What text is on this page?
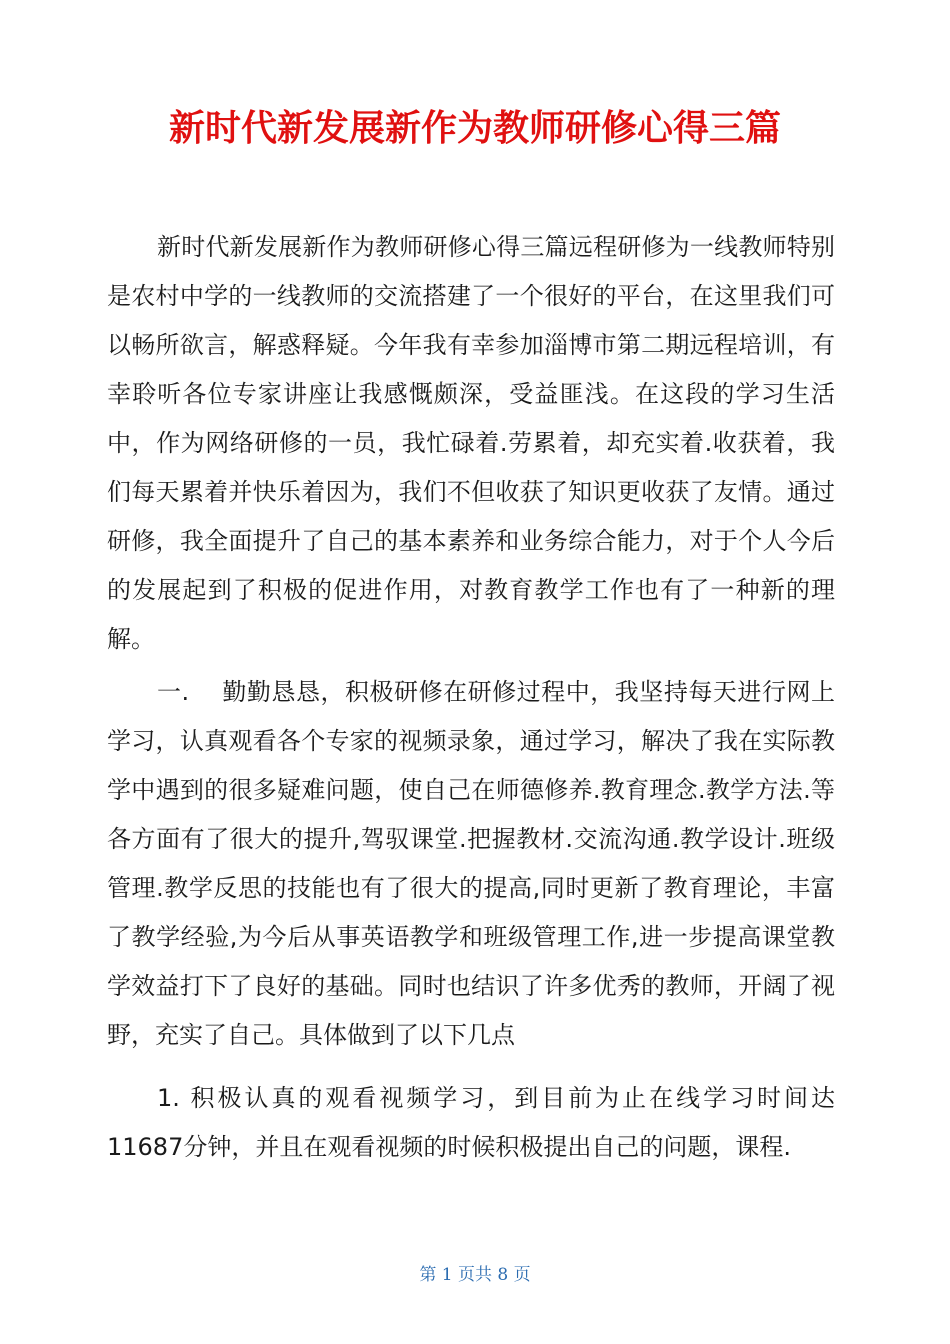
新时代新发展新作为教师研修心得三篇

新时代新发展新作为教师研修心得三篇远程研修为一线教师特别是农村中学的一线教师的交流搭建了一个很好的平台，在这里我们可以畅所欲言，解惑释疑。今年我有幸参加淄博市第二期远程培训，有幸聆听各位专家讲座让我感慨颇深，受益匪浅。在这段的学习生活中，作为网络研修的一员，我忙碌着.劳累着，却充实着.收获着，我们每天累着并快乐着因为，我们不但收获了知识更收获了友情。通过研修，我全面提升了自己的基本素养和业务综合能力，对于个人今后的发展起到了积极的促进作用，对教育教学工作也有了一种新的理解。

一.　 勤勤恳恳，积极研修在研修过程中，我坚持每天进行网上学习，认真观看各个专家的视频录象，通过学习，解决了我在实际教学中遇到的很多疑难问题，使自己在师德修养.教育理念.教学方法.等各方面有了很大的提升,驾驭课堂.把握教材.交流沟通.教学设计.班级管理.教学反思的技能也有了很大的提高,同时更新了教育理论，丰富了教学经验,为今后从事英语教学和班级管理工作,进一步提高课堂教学效益打下了良好的基础。同时也结识了许多优秀的教师，开阔了视野，充实了自己。具体做到了以下几点

1. 积极认真的观看视频学习，到目前为止在线学习时间达 11687分钟，并且在观看视频的时候积极提出自己的问题，课程.

第 1 页共 8 页
